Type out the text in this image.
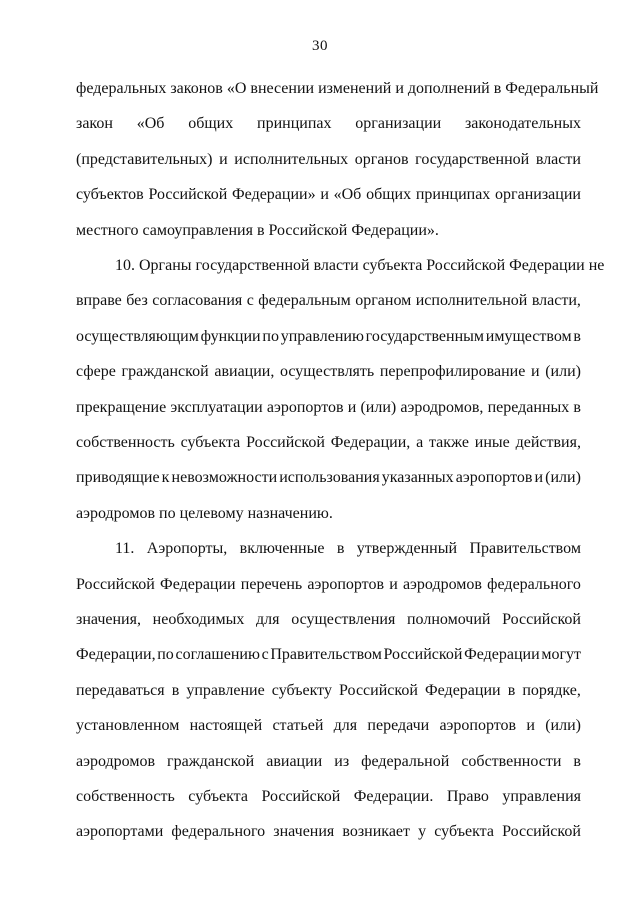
30
федеральных законов «О внесении изменений и дополнений в Федеральный
закон «Об общих принципах организации законодательных
(представительных) и исполнительных органов государственной власти
субъектов Российской Федерации» и «Об общих принципах организации
местного самоуправления в Российской Федерации».
10. Органы государственной власти субъекта Российской Федерации не
вправе без согласования с федеральным органом исполнительной власти,
осуществляющим функции по управлению государственным имуществом в
сфере гражданской авиации, осуществлять перепрофилирование и (или)
прекращение эксплуатации аэропортов и (или) аэродромов, переданных в
собственность субъекта Российской Федерации, а также иные действия,
приводящие к невозможности использования указанных аэропортов и (или)
аэродромов по целевому назначению.
11. Аэропорты, включенные в утвержденный Правительством
Российской Федерации перечень аэропортов и аэродромов федерального
значения, необходимых для осуществления полномочий Российской
Федерации, по соглашению с Правительством Российской Федерации могут
передаваться в управление субъекту Российской Федерации в порядке,
установленном настоящей статьей для передачи аэропортов и (или)
аэродромов гражданской авиации из федеральной собственности в
собственность субъекта Российской Федерации. Право управления
аэропортами федерального значения возникает у субъекта Российской
